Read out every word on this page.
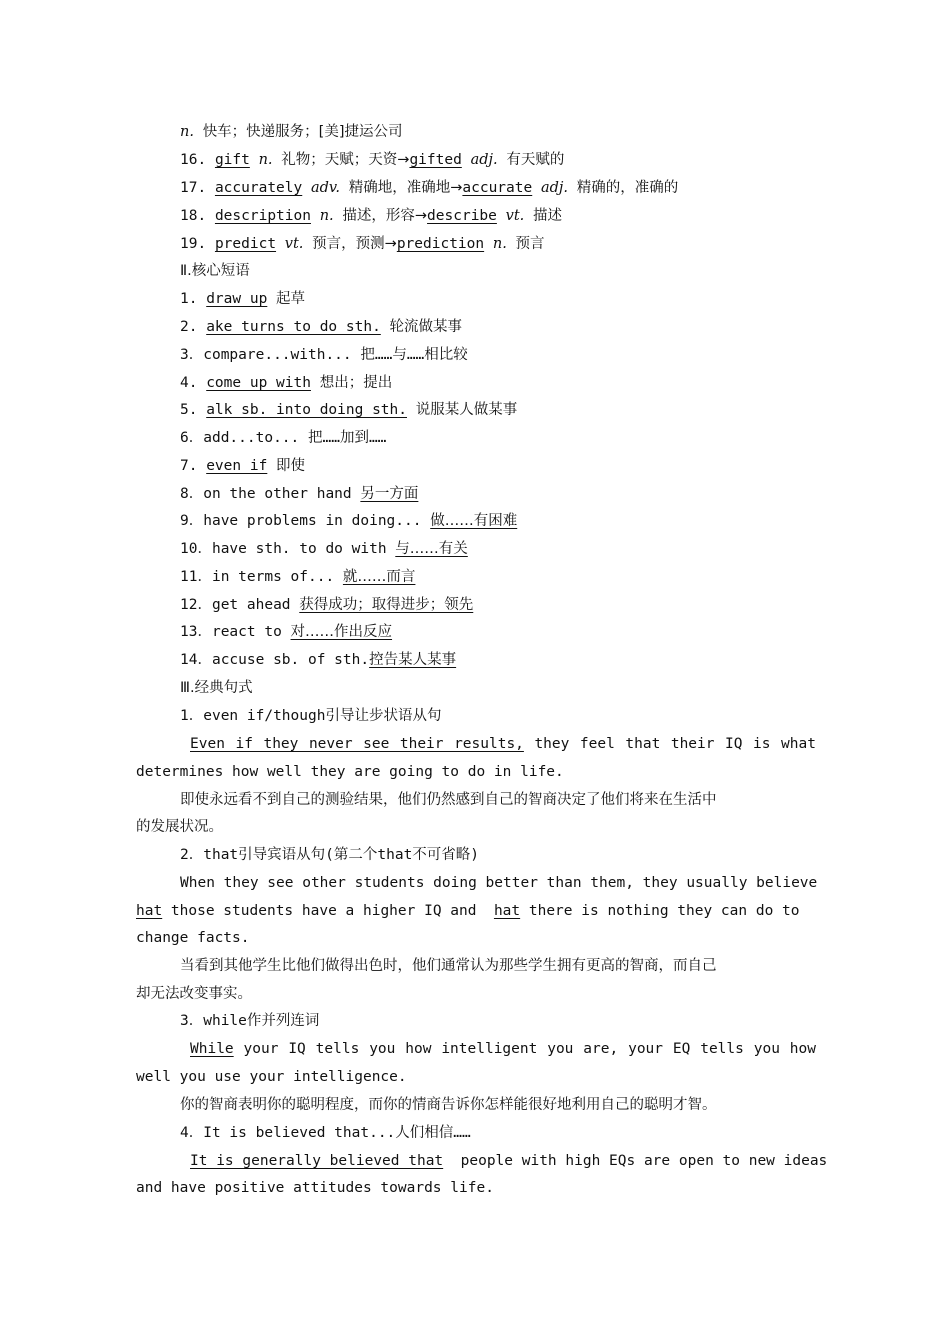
n. 快车；快递服务；[美]捷运公司
16. gift n. 礼物；天赋；天资→gifted adj. 有天赋的
17. accurately adv. 精确地，准确地→accurate adj. 精确的，准确的
18. description n. 描述，形容→describe vt. 描述
19. predict vt. 预言，预测→prediction n. 预言
Ⅱ.核心短语
1. draw up 起草
2. ake turns to do sth. 轮流做某事
3．compare...with... 把……与……相比较
4. come up with 想出；提出
5. alk sb. into doing sth. 说服某人做某事
6．add...to... 把……加到……
7. even if 即使
8．on the other hand 另一方面
9．have problems in doing... 做……有困难
10．have sth. to do with 与……有关
11．in terms of... 就……而言
12．get ahead 获得成功；取得进步；领先
13．react to 对……作出反应
14．accuse sb. of sth.控告某人某事
Ⅲ.经典句式
1．even if/though引导让步状语从句
Even if they never see their results, they feel that their IQ is what
determines how well they are going to do in life.
即使永远看不到自己的测验结果，他们仍然感到自己的智商决定了他们将来在生活中
的发展状况。
2．that引导宾语从句(第二个that不可省略)
When they see other students doing better than them, they usually believe
hat those students have a higher IQ and  hat there is nothing they can do to
change facts.
当看到其他学生比他们做得出色时，他们通常认为那些学生拥有更高的智商，而自己
却无法改变事实。
3．while作并列连词
While your IQ tells you how intelligent you are, your EQ tells you how
well you use your intelligence.
你的智商表明你的聪明程度，而你的情商告诉你怎样能很好地利用自己的聪明才智。
4．It is believed that...人们相信……
It is generally believed that  people with high EQs are open to new ideas
and have positive attitudes towards life.
